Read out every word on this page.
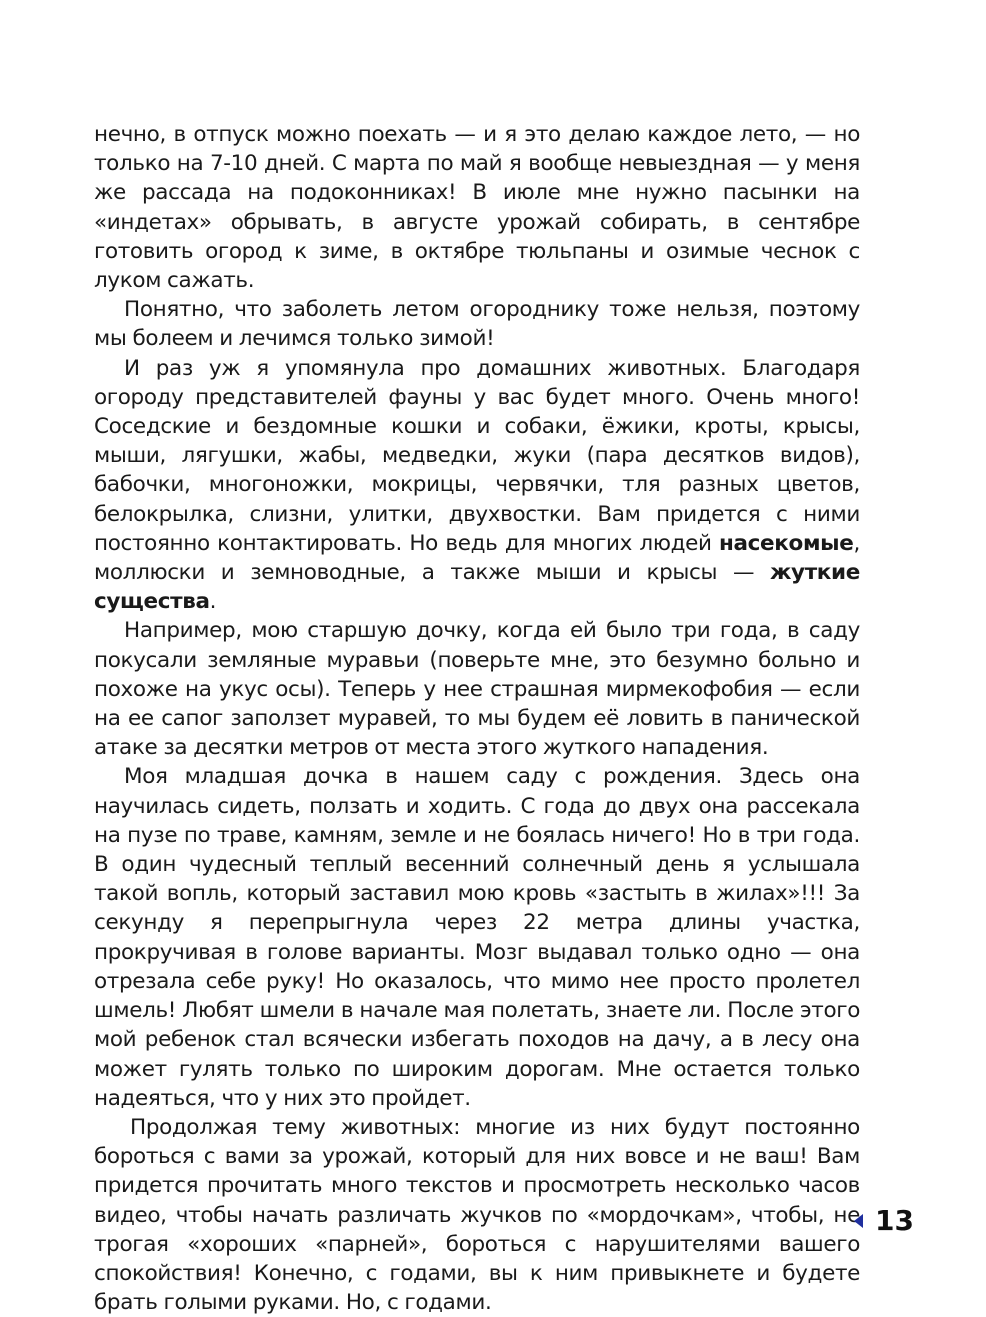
нечно, в отпуск можно поехать — и я это делаю каждое лето, — но только на 7-10 дней. С марта по май я вообще невыездная — у меня же рассада на подоконниках! В июле мне нужно пасынки на «индетах» обрывать, в августе урожай собирать, в сентябре готовить огород к зиме, в октябре тюльпаны и озимые чеснок с луком сажать.

Понятно, что заболеть летом огороднику тоже нельзя, поэтому мы болеем и лечимся только зимой!

И раз уж я упомянула про домашних животных. Благодаря огороду представителей фауны у вас будет много. Очень много! Соседские и бездомные кошки и собаки, ёжики, кроты, крысы, мыши, лягушки, жабы, медведки, жуки (пара десятков видов), бабочки, многоножки, мокрицы, червячки, тля разных цветов, белокрылка, слизни, улитки, двухвостки. Вам придется с ними постоянно контактировать. Но ведь для многих людей насекомые, моллюски и земноводные, а также мыши и крысы — жуткие существа.

Например, мою старшую дочку, когда ей было три года, в саду покусали земляные муравьи (поверьте мне, это безумно больно и похоже на укус осы). Теперь у нее страшная мирмекофобия — если на ее сапог заползет муравей, то мы будем её ловить в панической атаке за десятки метров от места этого жуткого нападения.

Моя младшая дочка в нашем саду с рождения. Здесь она научилась сидеть, ползать и ходить. С года до двух она рассекала на пузе по траве, камням, земле и не боялась ничего! Но в три года. В один чудесный теплый весенний солнечный день я услышала такой вопль, который заставил мою кровь «застыть в жилах»!!! За секунду я перепрыгнула через 22 метра длины участка, прокручивая в голове варианты. Мозг выдавал только одно — она отрезала себе руку! Но оказалось, что мимо нее просто пролетел шмель! Любят шмели в начале мая полетать, знаете ли. После этого мой ребенок стал всячески избегать походов на дачу, а в лесу она может гулять только по широким дорогам. Мне остается только надеяться, что у них это пройдет.

Продолжая тему животных: многие из них будут постоянно бороться с вами за урожай, который для них вовсе и не ваш! Вам придется прочитать много текстов и просмотреть несколько часов видео, чтобы начать различать жучков по «мордочкам», чтобы, не трогая «хороших «парней», бороться с нарушителями вашего спокойствия! Конечно, с годами, вы к ним привыкнете и будете брать голыми руками. Но, с годами.

13
